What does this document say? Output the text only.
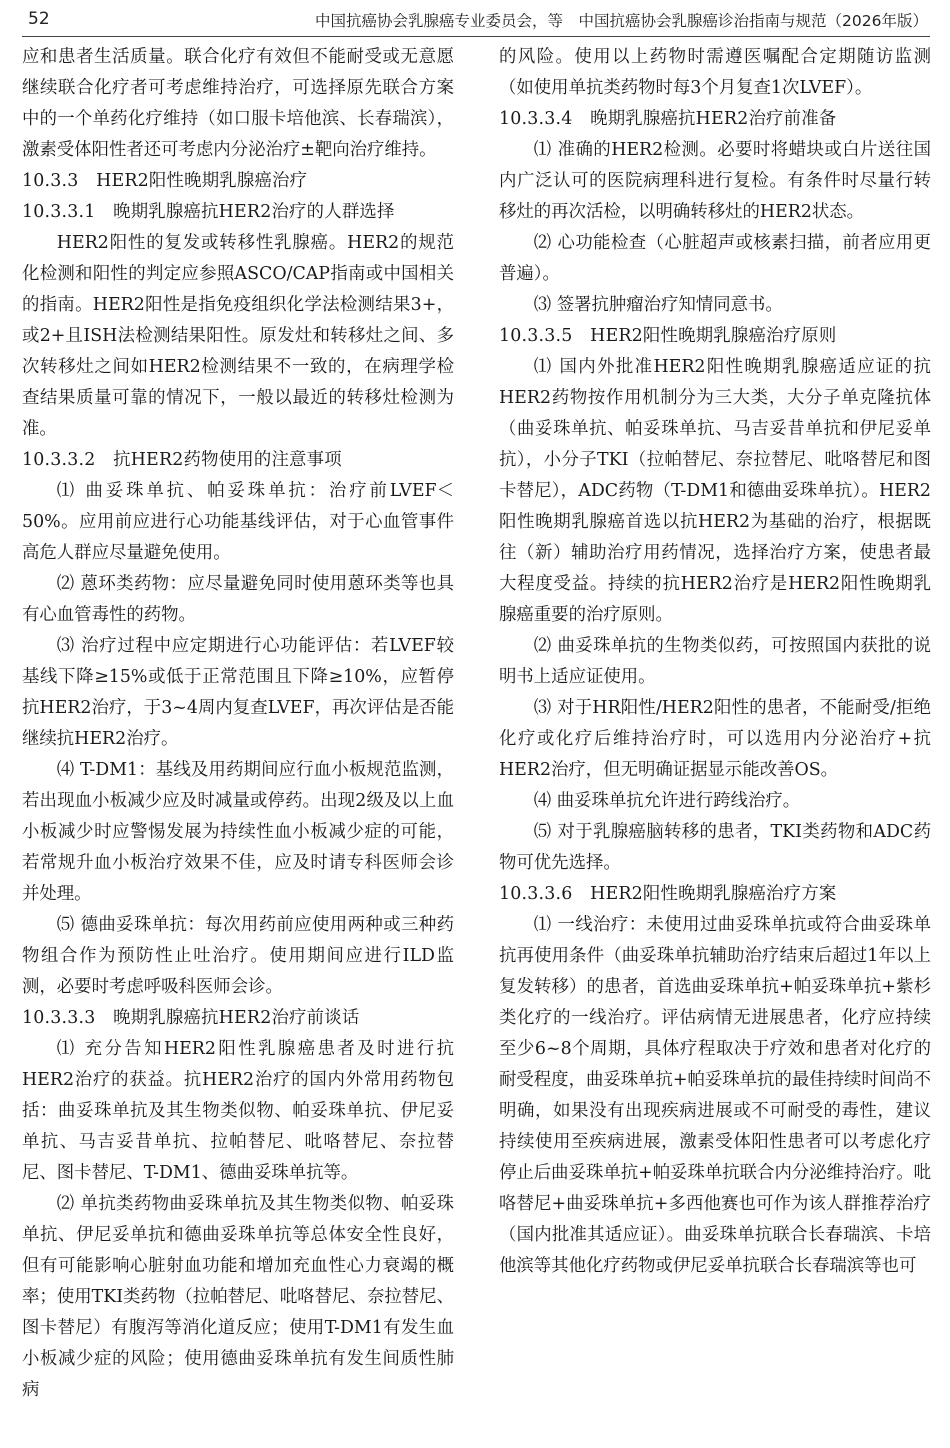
52	中国抗癌协会乳腺癌专业委员会，等　中国抗癌协会乳腺癌诊治指南与规范（2026年版）

应和患者生活质量。联合化疗有效但不能耐受或无意愿继续联合化疗者可考虑维持治疗，可选择原先联合方案中的一个单药化疗维持（如口服卡培他滨、长春瑞滨），激素受体阳性者还可考虑内分泌治疗±靶向治疗维持。

10.3.3　HER2阳性晚期乳腺癌治疗

10.3.3.1　晚期乳腺癌抗HER2治疗的人群选择

HER2阳性的复发或转移性乳腺癌。HER2的规范化检测和阳性的判定应参照ASCO/CAP指南或中国相关的指南。HER2阳性是指免疫组织化学法检测结果3+，或2+且ISH法检测结果阳性。原发灶和转移灶之间、多次转移灶之间如HER2检测结果不一致的，在病理学检查结果质量可靠的情况下，一般以最近的转移灶检测为准。

10.3.3.2　抗HER2药物使用的注意事项

⑴ 曲妥珠单抗、帕妥珠单抗：治疗前LVEF＜50%。应用前应进行心功能基线评估，对于心血管事件高危人群应尽量避免使用。

⑵ 蒽环类药物：应尽量避免同时使用蒽环类等也具有心血管毒性的药物。

⑶ 治疗过程中应定期进行心功能评估：若LVEF较基线下降≥15%或低于正常范围且下降≥10%，应暂停抗HER2治疗，于3~4周内复查LVEF，再次评估是否能继续抗HER2治疗。

⑷ T-DM1：基线及用药期间应行血小板规范监测，若出现血小板减少应及时减量或停药。出现2级及以上血小板减少时应警惕发展为持续性血小板减少症的可能，若常规升血小板治疗效果不佳，应及时请专科医师会诊并处理。

⑸ 德曲妥珠单抗：每次用药前应使用两种或三种药物组合作为预防性止吐治疗。使用期间应进行ILD监测，必要时考虑呼吸科医师会诊。

10.3.3.3　晚期乳腺癌抗HER2治疗前谈话

⑴ 充分告知HER2阳性乳腺癌患者及时进行抗HER2治疗的获益。抗HER2治疗的国内外常用药物包括：曲妥珠单抗及其生物类似物、帕妥珠单抗、伊尼妥单抗、马吉妥昔单抗、拉帕替尼、吡咯替尼、奈拉替尼、图卡替尼、T-DM1、德曲妥珠单抗等。

⑵ 单抗类药物曲妥珠单抗及其生物类似物、帕妥珠单抗、伊尼妥单抗和德曲妥珠单抗等总体安全性良好，但有可能影响心脏射血功能和增加充血性心力衰竭的概率；使用TKI类药物（拉帕替尼、吡咯替尼、奈拉替尼、图卡替尼）有腹泻等消化道反应；使用T-DM1有发生血小板减少症的风险；使用德曲妥珠单抗有发生间质性肺病

的风险。使用以上药物时需遵医嘱配合定期随访监测（如使用单抗类药物时每3个月复查1次LVEF）。

10.3.3.4　晚期乳腺癌抗HER2治疗前准备

⑴ 准确的HER2检测。必要时将蜡块或白片送往国内广泛认可的医院病理科进行复检。有条件时尽量行转移灶的再次活检，以明确转移灶的HER2状态。

⑵ 心功能检查（心脏超声或核素扫描，前者应用更普遍）。

⑶ 签署抗肿瘤治疗知情同意书。

10.3.3.5　HER2阳性晚期乳腺癌治疗原则

⑴ 国内外批准HER2阳性晚期乳腺癌适应证的抗HER2药物按作用机制分为三大类，大分子单克隆抗体（曲妥珠单抗、帕妥珠单抗、马吉妥昔单抗和伊尼妥单抗），小分子TKI（拉帕替尼、奈拉替尼、吡咯替尼和图卡替尼），ADC药物（T-DM1和德曲妥珠单抗）。HER2阳性晚期乳腺癌首选以抗HER2为基础的治疗，根据既往（新）辅助治疗用药情况，选择治疗方案，使患者最大程度受益。持续的抗HER2治疗是HER2阳性晚期乳腺癌重要的治疗原则。

⑵ 曲妥珠单抗的生物类似药，可按照国内获批的说明书上适应证使用。

⑶ 对于HR阳性/HER2阳性的患者，不能耐受/拒绝化疗或化疗后维持治疗时，可以选用内分泌治疗+抗HER2治疗，但无明确证据显示能改善OS。

⑷ 曲妥珠单抗允许进行跨线治疗。

⑸ 对于乳腺癌脑转移的患者，TKI类药物和ADC药物可优先选择。

10.3.3.6　HER2阳性晚期乳腺癌治疗方案

⑴ 一线治疗：未使用过曲妥珠单抗或符合曲妥珠单抗再使用条件（曲妥珠单抗辅助治疗结束后超过1年以上复发转移）的患者，首选曲妥珠单抗+帕妥珠单抗+紫杉类化疗的一线治疗。评估病情无进展患者，化疗应持续至少6~8个周期，具体疗程取决于疗效和患者对化疗的耐受程度，曲妥珠单抗+帕妥珠单抗的最佳持续时间尚不明确，如果没有出现疾病进展或不可耐受的毒性，建议持续使用至疾病进展，激素受体阳性患者可以考虑化疗停止后曲妥珠单抗+帕妥珠单抗联合内分泌维持治疗。吡咯替尼+曲妥珠单抗+多西他赛也可作为该人群推荐治疗（国内批准其适应证）。曲妥珠单抗联合长春瑞滨、卡培他滨等其他化疗药物或伊尼妥单抗联合长春瑞滨等也可
